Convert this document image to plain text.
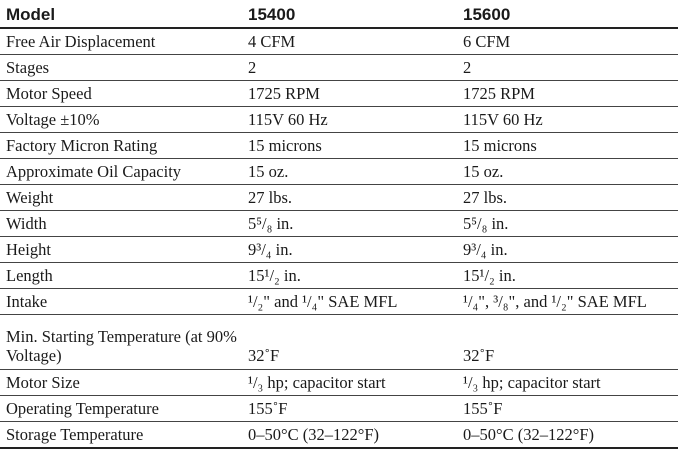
Model	15400	15600
Free Air Displacement	4 CFM	6 CFM
Stages	2	2
Motor Speed	1725 RPM	1725 RPM
Voltage ±10%	115V 60 Hz	115V 60 Hz
Factory Micron Rating	15 microns	15 microns
Approximate Oil Capacity	15 oz.	15 oz.
Weight	27 lbs.	27 lbs.
Width	5⁵/₈ in.	5⁵/₈ in.
Height	9³/₄ in.	9³/₄ in.
Length	15¹/₂ in.	15¹/₂ in.
Intake	¹/₂" and ¹/₄" SAE MFL	¹/₄", ³/₈", and ¹/₂" SAE MFL
Min. Starting Temperature (at 90% Voltage)	32˚F	32˚F
Motor Size	¹/₃ hp; capacitor start	¹/₃ hp; capacitor start
Operating Temperature	155˚F	155˚F
Storage Temperature	0–50°C (32–122°F)	0–50°C (32–122°F)
